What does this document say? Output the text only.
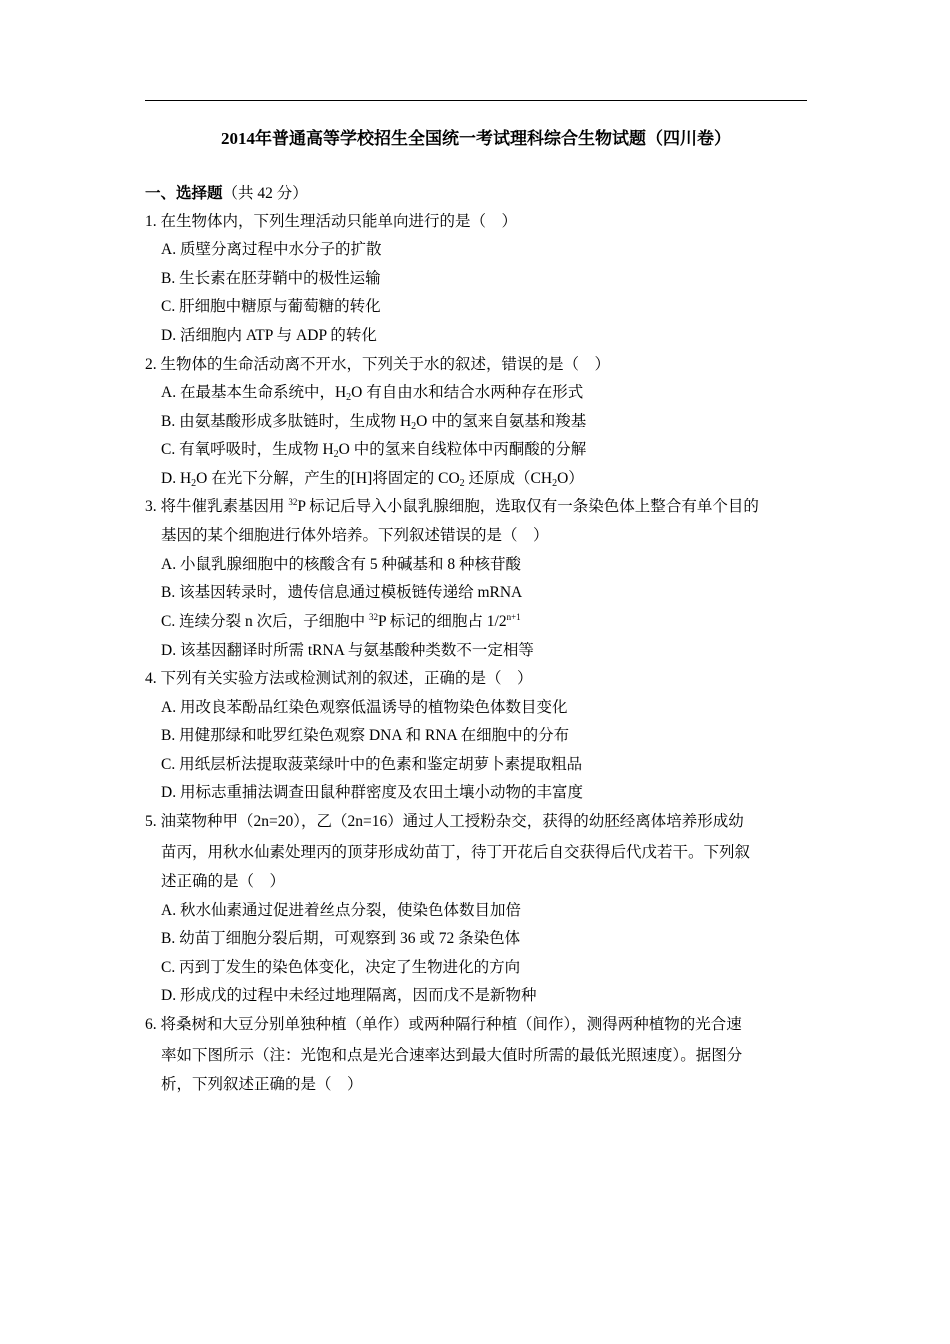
2014年普通高等学校招生全国统一考试理科综合生物试题（四川卷）
一、选择题（共 42 分）
1. 在生物体内，下列生理活动只能单向进行的是（　）
A. 质壁分离过程中水分子的扩散
B. 生长素在胚芽鞘中的极性运输
C. 肝细胞中糖原与葡萄糖的转化
D. 活细胞内 ATP 与 ADP 的转化
2. 生物体的生命活动离不开水，下列关于水的叙述，错误的是（　）
A. 在最基本生命系统中，$H_2O$ 有自由水和结合水两种存在形式
B. 由氨基酸形成多肽链时，生成物 $H_2O$ 中的氢来自氨基和羧基
C. 有氧呼吸时，生成物 $H_2O$ 中的氢来自线粒体中丙酮酸的分解
D. $H_2O$ 在光下分解，产生的[H]将固定的 $CO_2$ 还原成$(CH_2O)$
3. 将牛催乳素基因用 $^{32}$P 标记后导入小鼠乳腺细胞，选取仅有一条染色体上整合有单个目的
基因的某个细胞进行体外培养。下列叙述错误的是（　）
A. 小鼠乳腺细胞中的核酸含有 5 种碱基和 8 种核苷酸
B. 该基因转录时，遗传信息通过模板链传递给 mRNA
C. 连续分裂 n 次后，子细胞中 $^{32}$P 标记的细胞占 $1/2^{n+1}$
D. 该基因翻译时所需 tRNA 与氨基酸种类数不一定相等
4. 下列有关实验方法或检测试剂的叙述，正确的是（　）
A. 用改良苯酚品红染色观察低温诱导的植物染色体数目变化
B. 用健那绿和吡罗红染色观察 DNA 和 RNA 在细胞中的分布
C. 用纸层析法提取菠菜绿叶中的色素和鉴定胡萝卜素提取粗品
D. 用标志重捕法调查田鼠种群密度及农田土壤小动物的丰富度
5. 油菜物种甲（2n=20），乙（2n=16）通过人工授粉杂交，获得的幼胚经离体培养形成幼
苗丙，用秋水仙素处理丙的顶芽形成幼苗丁，待丁开花后自交获得后代戊若干。下列叙
述正确的是（　）
A. 秋水仙素通过促进着丝点分裂，使染色体数目加倍
B. 幼苗丁细胞分裂后期，可观察到 36 或 72 条染色体
C. 丙到丁发生的染色体变化，决定了生物进化的方向
D. 形成戊的过程中未经过地理隔离，因而戊不是新物种
6. 将桑树和大豆分别单独种植（单作）或两种隔行种植（间作），测得两种植物的光合速
率如下图所示（注：光饱和点是光合速率达到最大值时所需的最低光照速度）。据图分
析，下列叙述正确的是（　）
